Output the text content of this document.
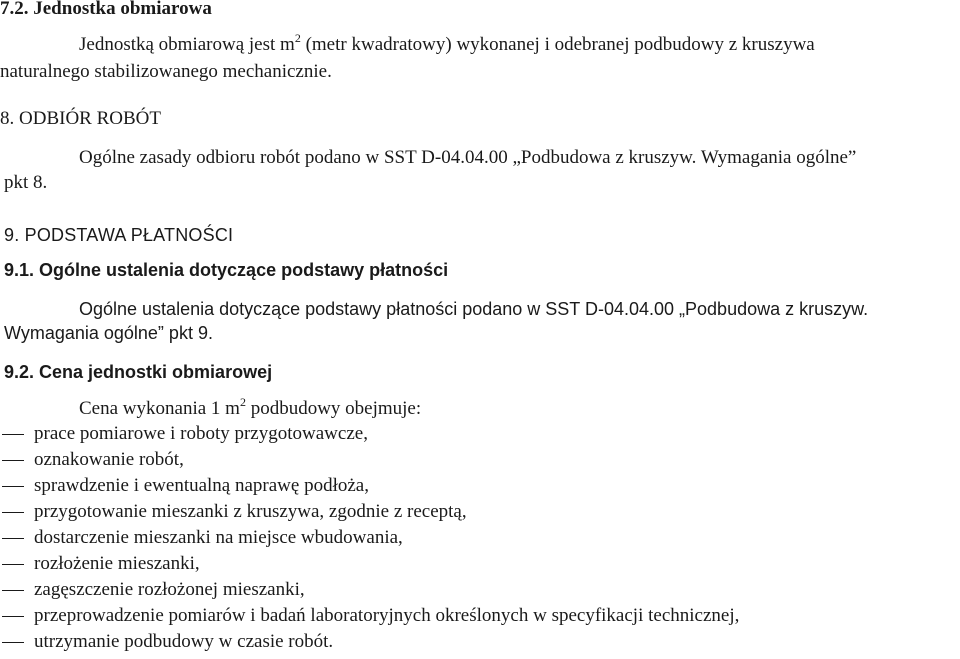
7.2. Jednostka obmiarowa
Jednostką obmiarową jest $m^2$ (metr kwadratowy) wykonanej i odebranej podbudowy z kruszywa
naturalnego stabilizowanego mechanicznie.
8. ODBIÓR ROBÓT
Ogólne zasady odbioru robót podano w SST D-04.04.00 „Podbudowa z kruszyw. Wymagania ogólne”
pkt 8.
9. PODSTAWA PŁATNOŚCI
9.1. Ogólne ustalenia dotyczące podstawy płatności
Ogólne ustalenia dotyczące podstawy płatności podano w SST D-04.04.00 „Podbudowa z kruszyw.
Wymagania ogólne” pkt 9.
9.2. Cena jednostki obmiarowej
Cena wykonania 1 $m^2$ podbudowy obejmuje:
prace pomiarowe i roboty przygotowawcze,
oznakowanie robót,
sprawdzenie i ewentualną naprawę podłoża,
przygotowanie mieszanki z kruszywa, zgodnie z receptą,
dostarczenie mieszanki na miejsce wbudowania,
rozłożenie mieszanki,
zagęszczenie rozłożonej mieszanki,
przeprowadzenie pomiarów i badań laboratoryjnych określonych w specyfikacji technicznej,
utrzymanie podbudowy w czasie robót.
